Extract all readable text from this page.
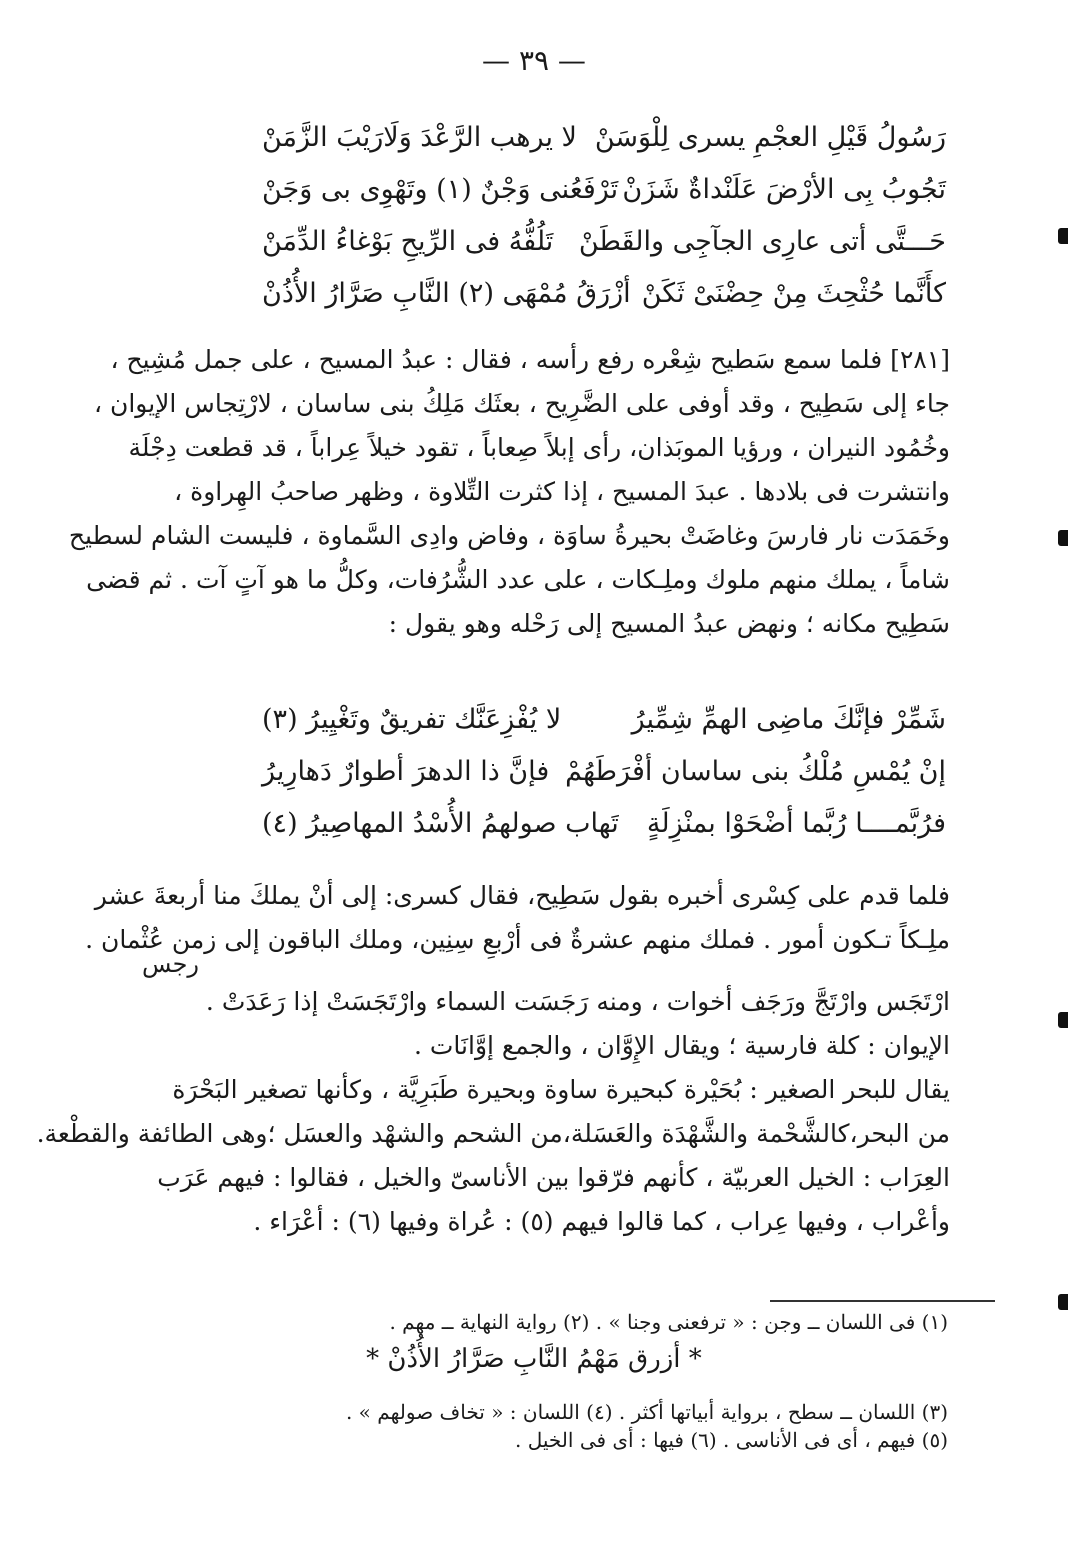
— ٣٩ —
رَسُولُ قَيْلِ العجْمِ يسرى لِلْوَسَنْ
لا يرهب الرَّعْدَ وَلَارَيْبَ الزَّمَنْ
تَجُوبُ بِى الأرْضَ عَلَنْداةٌ شَزَنْ
تَرْفَعُنى وَجْنٌ (١) وتَهْوِى بى وَجَنْ
حَـــتَّى أتى عارِى الجآجِى والقَطَنْ
تَلُفُّهُ فى الرِّيحِ بَوْغاءُ الدِّمَنْ
كأَنَّما حُثْحِثَ مِنْ حِضْنَىْ ثَكَنْ
أزْرَقُ مُمْهَى (٢) النَّابِ صَرَّارُ الأُذُنْ
[٢٨١] فلما سمع سَطيح شِعْره رفع رأسه ، فقال : عبدُ المسيح ، على جمل مُشِيح ،
جاء إلى سَطِيح ، وقد أوفى على الضَّرِيح ، بعثَك مَلِكُ بنى ساسان ، لارْتِجاس الإيوان ،
وخُمُود النيران ، ورؤيا الموبَذان، رأى إبلاً صِعاباً ، تقود خيلاً عِراباً ، قد قطعت دِجْلَة
وانتشرت فى بلادها . عبدَ المسيح ، إذا كثرت التِّلاوة ، وظهر صاحبُ الهِراوة ،
وخَمَدَت نار فارسَ وغاضَتْ بحيرةُ ساوَة ، وفاض وادِى السَّماوة ، فليست الشام لسطيح
شاماً ، يملك منهم ملوك وملِـكات ، على عدد الشُّرُفات، وكلُّ ما هو آتٍ آت . ثم قضى
سَطِيح مكانه ؛ ونهض عبدُ المسيح إلى رَحْله وهو يقول :
شَمِّرْ فإنَّكَ ماضِى الهمِّ شِمِّيرُ
لا يُفْزِعَنَّك تفريقٌ وتَغْيِيرُ (٣)
إنْ يُمْسِ مُلْكُ بنى ساسان أفْرَطَهُمْ
فإنَّ ذا الدهرَ أطوارٌ دَهارِيرُ
فرُبَّمــــا رُبَّما أضْحَوْا بمنْزِلَةٍ
تَهاب صولهمُ الأُسْدُ المهاصِيرُ (٤)
فلما قدم على كِسْرى أخبره بقول سَطِيح، فقال كسرى: إلى أنْ يملكَ منا أربعةَ عشر
ملِـكاً تـكون أمور . فملك منهم عشرةٌ فى أرْبعِ سِنِين، وملك الباقون إلى زمن عُثْمان .
رجس
ارْتَجَس وارْتَجَّ ورَجَف أخوات ، ومنه رَجَسَت السماء وارْتَجَسَتْ إذا رَعَدَتْ .
الإيوان : كلة فارسية ؛ ويقال الإِوَّان ، والجمع إوَّانَات .
يقال للبحر الصغير : بُحَيْرة كبحيرة ساوة وبحيرة طَبَرِيَّة ، وكأنها تصغير البَحْرَة
من البحر،كالشَّحْمة والشَّهْدَة والعَسَلة،من الشحم والشهْد والعسَل ؛وهى الطائفة والقطْعة.
العِرَاب : الخيل العربيّة ، كأنهم فرّقوا بين الأناسىّ والخيل ، فقالوا : فيهم عَرَب
وأعْراب ، وفيها عِراب ، كما قالوا فيهم (٥) : عُراة وفيها (٦) : أعْرَاء .
(١) فى اللسان ــ وجن : « ترفعنى وجنا » . (٢) رواية النهاية ــ مهم .
* أزرق مَهْمُ النَّابِ صَرَّارُ الأُذُنْ *
(٣) اللسان ــ سطح ، برواية أبياتها أكثر . (٤) اللسان : « تخاف صولهم » .
(٥) فيهم ، أى فى الأناسى . (٦) فيها : أى فى الخيل .
